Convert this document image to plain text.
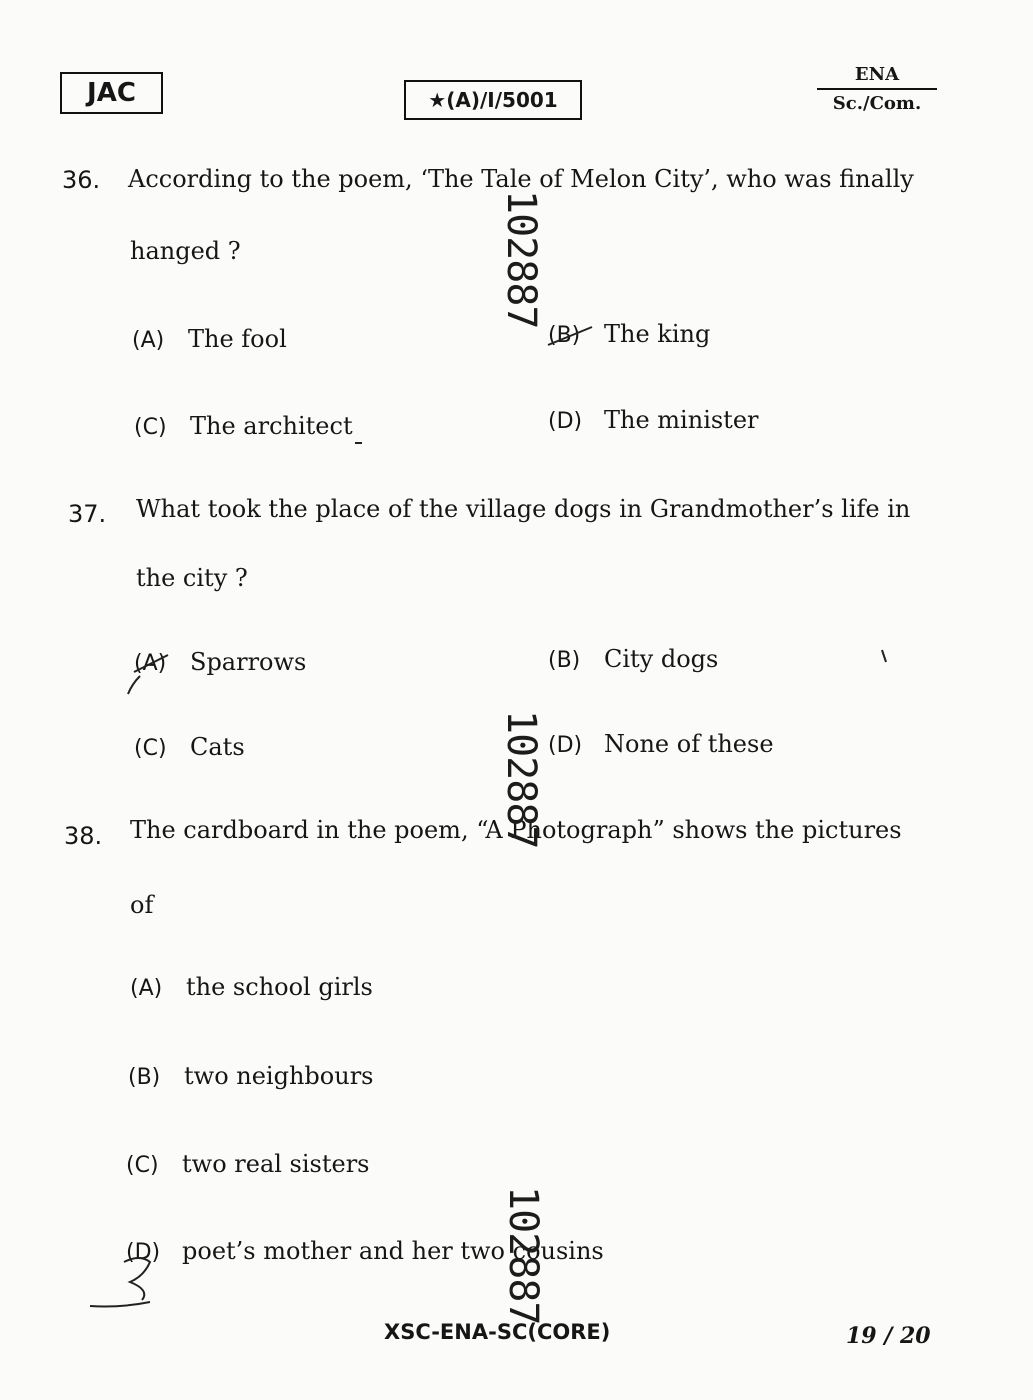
JAC	★(A)/I/5001
ENA
Sc./Com.
36. According to the poem, ‘The Tale of Melon City’, who was finally
hanged ?
(A) The fool	(B) The king
(C) The architect	(D) The minister
37. What took the place of the village dogs in Grandmother’s life in
the city ?
(A) Sparrows	(B) City dogs
(C) Cats	(D) None of these
38. The cardboard in the poem, “A Photograph” shows the pictures
of
(A) the school girls
(B) two neighbours
(C) two real sisters
(D) poet’s mother and her two cousins
102887
102887
102887
XSC-ENA-SC(CORE)	19 / 20
